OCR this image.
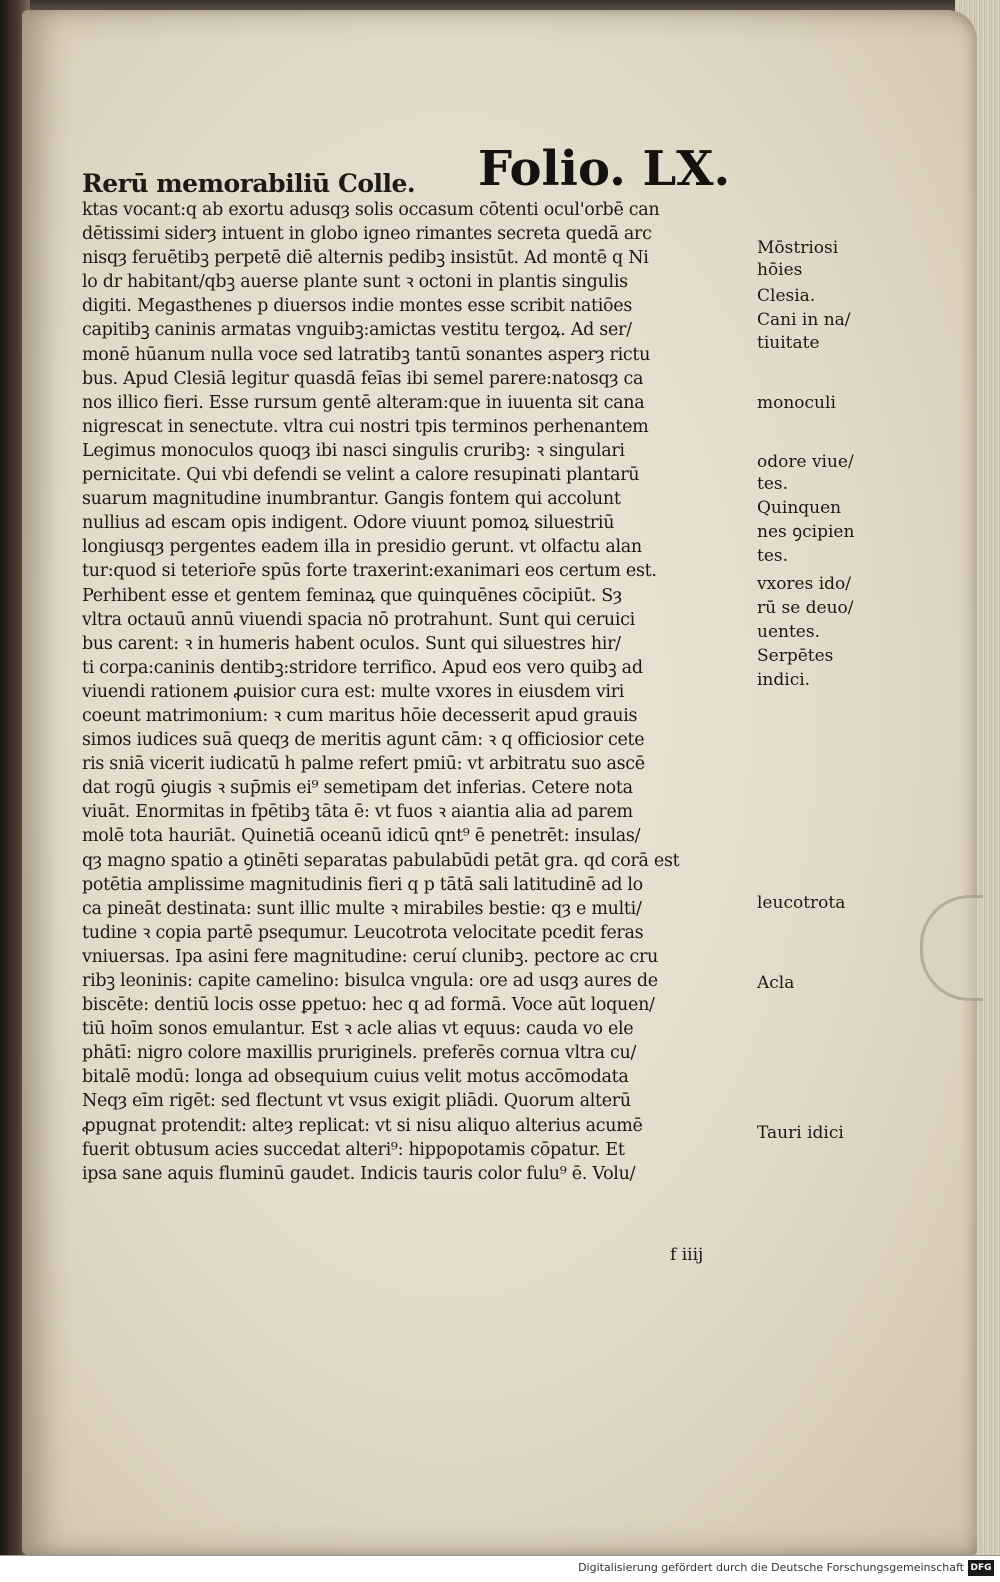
Rerū memorabiliū Colle. Folio. LX.
ktas vocant:q ab exortu adusqȝ solis occasum cōtenti ocul'orbē can
dētissimi siderȝ intuent in globo igneo rimantes secreta quedā arc
nisqȝ feruētibꝫ perpetē diē alternis pedibꝫ insistūt. Ad montē q Ni
lo dr habitant/qbꝫ auerse plante sunt ꝛ octoni in plantis singulis
digiti. Megasthenes p diuersos indie montes esse scribit natiōes
capitibꝫ caninis armatas vnguibꝫ:amictas vestitu tergoꝝ. Ad ser/
monē hūanum nulla voce sed latratibꝫ tantū sonantes asperȝ rictu
bus. Apud Clesiā legitur quasdā feīas ibi semel parere:natosqȝ ca
nos illico fieri. Esse rursum gentē alteram:que in iuuenta sit cana
nigrescat in senectute. vltra cui nostri tpis terminos perhenantem
Legimus monoculos quoqȝ ibi nasci singulis cruribꝫ: ꝛ singulari
pernicitate. Qui vbi defendi se velint a calore resupinati plantarū
suarum magnitudine inumbrantur. Gangis fontem qui accolunt
nullius ad escam opis indigent. Odore viuunt pomoꝝ siluestriū
longiusqȝ pergentes eadem illa in presidio gerunt. vt olfactu alan
tur:quod si teterior̄e spūs forte traxerint:exanimari eos certum est.
Perhibent esse et gentem feminaꝝ que quinquēnes cōcipiūt. Sȝ
vltra octauū annū viuendi spacia nō protrahunt. Sunt qui ceruici
bus carent: ꝛ in humeris habent oculos. Sunt qui siluestres hir/
ti corpa:caninis dentibꝫ:stridore terrifico. Apud eos vero quibꝫ ad
viuendi rationem ꝓuisior cura est: multe vxores in eiusdem viri
coeunt matrimonium: ꝛ cum maritus hōie decesserit apud grauis
simos iudices suā queqȝ de meritis agunt cām: ꝛ q officiosior cete
ris sniā vicerit iudicatū h palme refert pmiū: vt arbitratu suo ascē
dat rogū ꝯiugis ꝛ sup̄mis ei⁹ semetipam det inferias. Cetere nota
viuāt. Enormitas in fpētibꝫ tāta ē: vt fuos ꝛ aiantia alia ad parem
molē tota hauriāt. Quinetiā oceanū idicū qnt⁹ ē penetrēt: insulas/
qȝ magno spatio a ꝯtinēti separatas pabulabūdi petāt gra. qd corā est
potētia amplissime magnitudinis fieri q p tātā sali latitudinē ad lo
ca pineāt destinata: sunt illic multe ꝛ mirabiles bestie: qȝ e multi/
tudine ꝛ copia partē psequmur. Leucotrota velocitate pcedit feras
vniuersas. Ipa asini fere magnitudine: ceruí clunibꝫ. pectore ac cru
ribꝫ leoninis: capite camelino: bisulca vngula: ore ad usqȝ aures de
biscēte: dentiū locis osse ꝑpetuo: hec q ad formā. Voce aūt loquen/
tiū hoīm sonos emulantur. Est ꝛ acle alias vt equus: cauda vo ele
phātī: nigro colore maxillis pruriginels. preferēs cornua vltra cu/
bitalē modū: longa ad obsequium cuius velit motus accōmodata
Neqȝ eīm rigēt: sed flectunt vt vsus exigit pliādi. Quorum alterū
ꝓpugnat protendit: alteȝ replicat: vt si nisu aliquo alterius acumē
fuerit obtusum acies succedat alteri⁹: hippopotamis cōpatur. Et
ipsa sane aquis fluminū gaudet. Indicis tauris color fulu⁹ ē. Volu/
Mōstriosi
hōies
Clesia.
Cani in na/
tiuitate
monoculi
odore viue/
tes.
Quinquen
nes ꝯcipien
tes.
vxores ido/
rū se deuo/
uentes.
Serpētes
indici.
leucotrota
Acla
Tauri idici
f iiij
Digitalisierung gefördert durch die Deutsche Forschungsgemeinschaft DFG
